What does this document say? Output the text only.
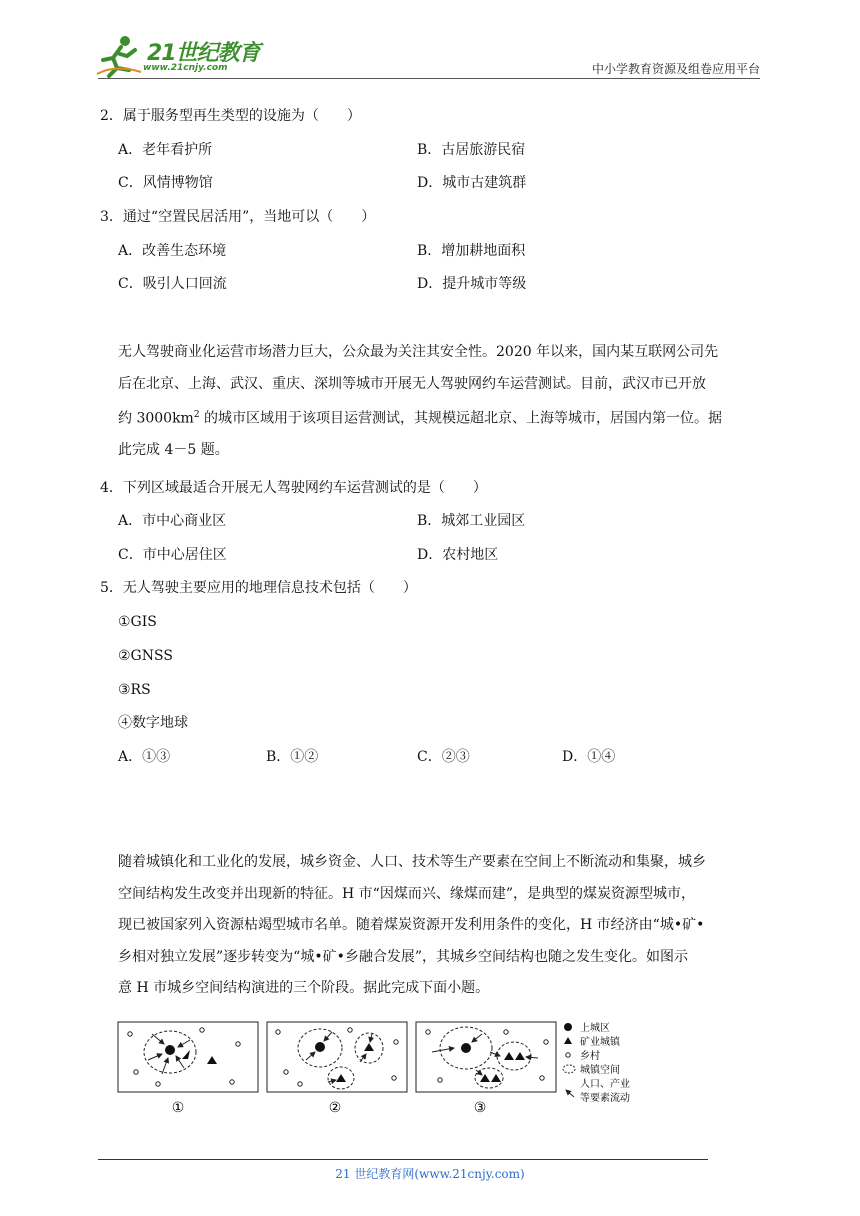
21世纪教育
www.21cnjy.com	中小学教育资源及组卷应用平台
2．属于服务型再生类型的设施为（　　）
A．老年看护所	B．古居旅游民宿
C．风情博物馆	D．城市古建筑群
3．通过“空置民居活用”，当地可以（　　）
A．改善生态环境	B．增加耕地面积
C．吸引人口回流	D．提升城市等级

无人驾驶商业化运营市场潜力巨大，公众最为关注其安全性。2020 年以来，国内某互联网公司先

后在北京、上海、武汉、重庆、深圳等城市开展无人驾驶网约车运营测试。目前，武汉市已开放

约 $3000km^2$ 的城市区域用于该项目运营测试，其规模远超北京、上海等城市，居国内第一位。据

此完成 4－5 题。

4．下列区域最适合开展无人驾驶网约车运营测试的是（　　）
A．市中心商业区	B．城郊工业园区
C．市中心居住区	D．农村地区
5．无人驾驶主要应用的地理信息技术包括（　　）
①GIS
②GNSS
③RS
④数字地球
A．①③	B．①②	C．②③	D．①④

随着城镇化和工业化的发展，城乡资金、人口、技术等生产要素在空间上不断流动和集聚，城乡

空间结构发生改变并出现新的特征。H 市“因煤而兴、缘煤而建”，是典型的煤炭资源型城市，

现已被国家列入资源枯竭型城市名单。随着煤炭资源开发利用条件的变化，H 市经济由“城•矿•

乡相对独立发展”逐步转变为“城•矿•乡融合发展”，其城乡空间结构也随之发生变化。如图示

意 H 市城乡空间结构演进的三个阶段。据此完成下面小题。

①	②	③
上城区
矿业城镇
乡村
城镇空间
人口、产业
等要素流动
21 世纪教育网(www.21cnjy.com)
